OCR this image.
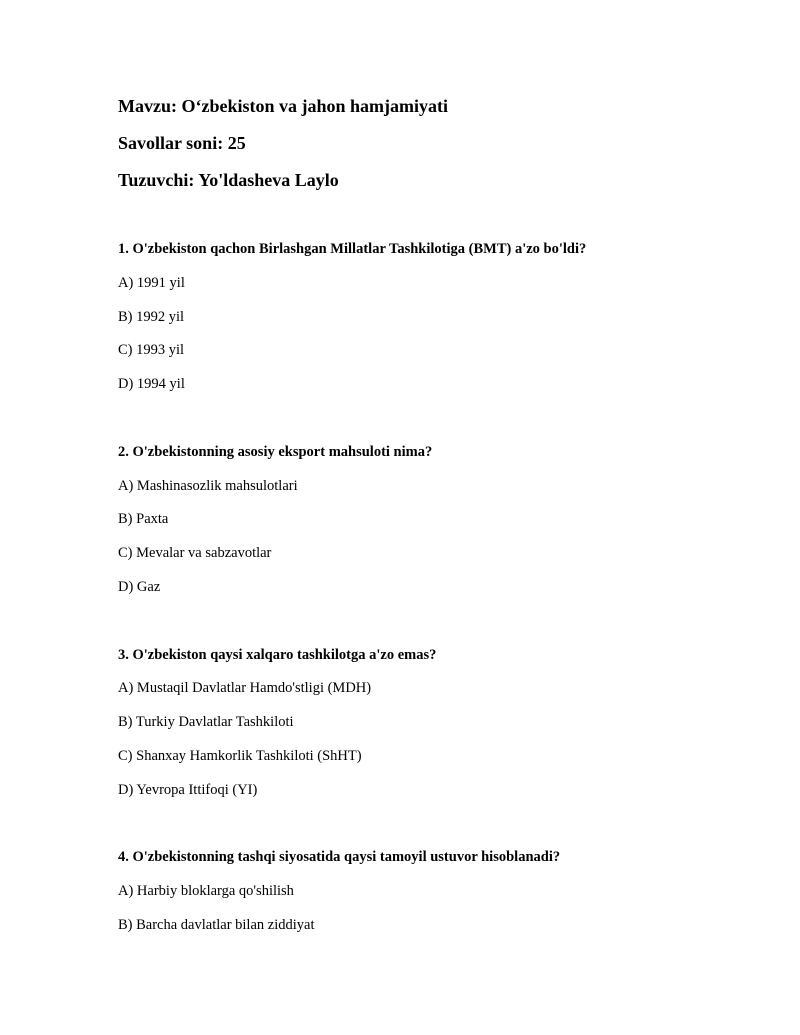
Mavzu: O‘zbekiston va jahon hamjamiyati
Savollar soni: 25
Tuzuvchi: Yo'ldasheva Laylo
1. O'zbekiston qachon Birlashgan Millatlar Tashkilotiga (BMT) a'zo bo'ldi?
A) 1991 yil
B) 1992 yil
C) 1993 yil
D) 1994 yil
2. O'zbekistonning asosiy eksport mahsuloti nima?
A) Mashinasozlik mahsulotlari
B) Paxta
C) Mevalar va sabzavotlar
D) Gaz
3. O'zbekiston qaysi xalqaro tashkilotga a'zo emas?
A) Mustaqil Davlatlar Hamdo'stligi (MDH)
B) Turkiy Davlatlar Tashkiloti
C) Shanxay Hamkorlik Tashkiloti (ShHT)
D) Yevropa Ittifoqi (YI)
4. O'zbekistonning tashqi siyosatida qaysi tamoyil ustuvor hisoblanadi?
A) Harbiy bloklarga qo'shilish
B) Barcha davlatlar bilan ziddiyat
